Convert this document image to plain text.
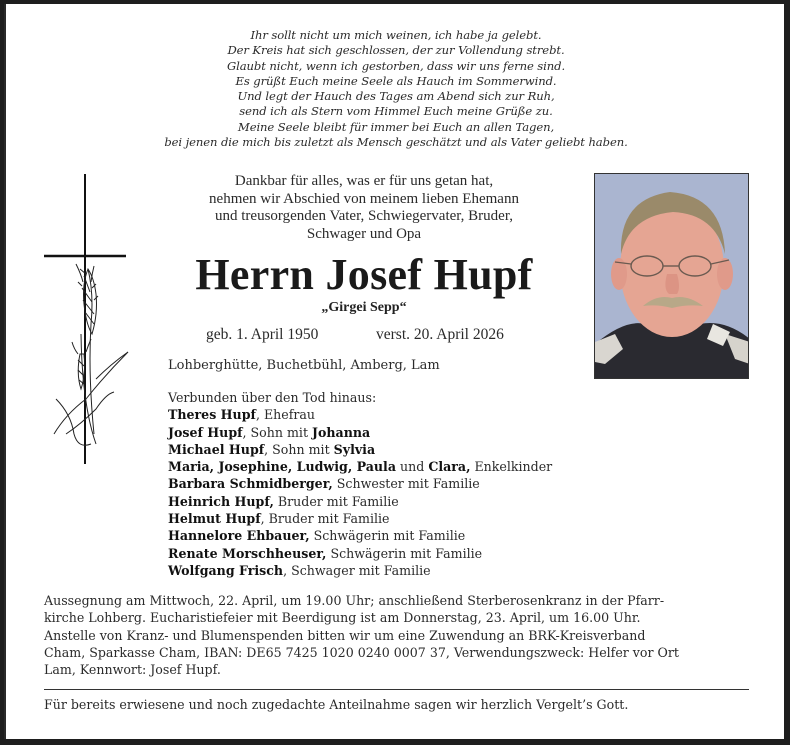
Ihr sollt nicht um mich weinen, ich habe ja gelebt.
Der Kreis hat sich geschlossen, der zur Vollendung strebt.
Glaubt nicht, wenn ich gestorben, dass wir uns ferne sind.
Es grüßt Euch meine Seele als Hauch im Sommerwind.
Und legt der Hauch des Tages am Abend sich zur Ruh,
send ich als Stern vom Himmel Euch meine Grüße zu.
Meine Seele bleibt für immer bei Euch an allen Tagen,
bei jenen die mich bis zuletzt als Mensch geschätzt und als Vater geliebt haben.
Dankbar für alles, was er für uns getan hat,
nehmen wir Abschied von meinem lieben Ehemann
und treusorgenden Vater, Schwiegervater, Bruder,
Schwager und Opa
Herrn Josef Hupf
„Girgei Sepp“
geb. 1. April 1950	verst. 20. April 2026
Lohberghütte, Buchetbühl, Amberg, Lam
Verbunden über den Tod hinaus:
Theres Hupf, Ehefrau
Josef Hupf, Sohn mit Johanna
Michael Hupf, Sohn mit Sylvia
Maria, Josephine, Ludwig, Paula und Clara, Enkelkinder
Barbara Schmidberger, Schwester mit Familie
Heinrich Hupf, Bruder mit Familie
Helmut Hupf, Bruder mit Familie
Hannelore Ehbauer, Schwägerin mit Familie
Renate Morschheuser, Schwägerin mit Familie
Wolfgang Frisch, Schwager mit Familie
Aussegnung am Mittwoch, 22. April, um 19.00 Uhr; anschließend Sterberosenkranz in der Pfarr-
kirche Lohberg. Eucharistiefeier mit Beerdigung ist am Donnerstag, 23. April, um 16.00 Uhr.
Anstelle von Kranz- und Blumenspenden bitten wir um eine Zuwendung an BRK-Kreisverband
Cham, Sparkasse Cham, IBAN: DE65 7425 1020 0240 0007 37, Verwendungszweck: Helfer vor Ort
Lam, Kennwort: Josef Hupf.
Für bereits erwiesene und noch zugedachte Anteilnahme sagen wir herzlich Vergelt’s Gott.
